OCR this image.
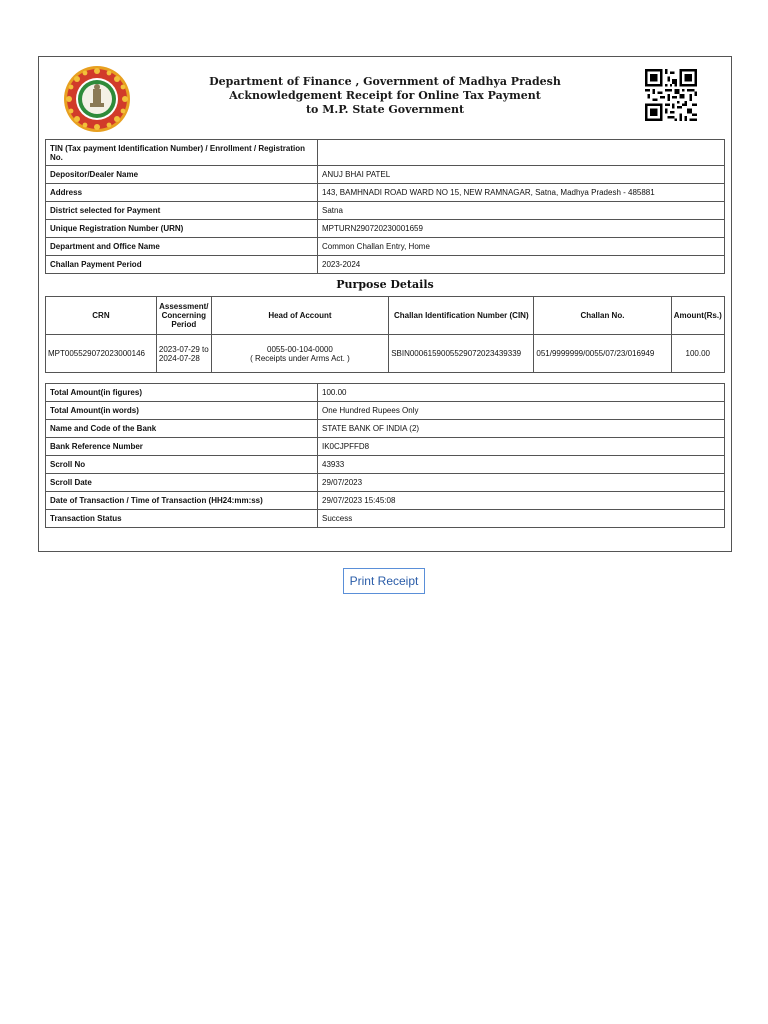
Department of Finance , Government of Madhya Pradesh
Acknowledgement Receipt for Online Tax Payment
to M.P. State Government
TIN (Tax payment Identification Number) / Enrollment / Registration No.	
Depositor/Dealer Name	ANUJ BHAI PATEL
Address	143, BAMHNADI ROAD WARD NO 15, NEW RAMNAGAR, Satna, Madhya Pradesh - 485881
District selected for Payment	Satna
Unique Registration Number (URN)	MPTURN290720230001659
Department and Office Name	Common Challan Entry, Home
Challan Payment Period	2023-2024
Purpose Details
CRN	Assessment/ Concerning Period	Head of Account	Challan Identification Number (CIN)	Challan No.	Amount(Rs.)
MPT005529072023000146	2023-07-29 to 2024-07-28	0055-00-104-0000
( Receipts under Arms Act. )	SBIN0006159005529072023439339	051/9999999/0055/07/23/016949	100.00
Total Amount(in figures)	100.00
Total Amount(in words)	One Hundred Rupees Only
Name and Code of the Bank	STATE BANK OF INDIA (2)
Bank Reference Number	IK0CJPFFD8
Scroll No	43933
Scroll Date	29/07/2023
Date of Transaction / Time of Transaction (HH24:mm:ss)	29/07/2023 15:45:08
Transaction Status	Success
Print Receipt
